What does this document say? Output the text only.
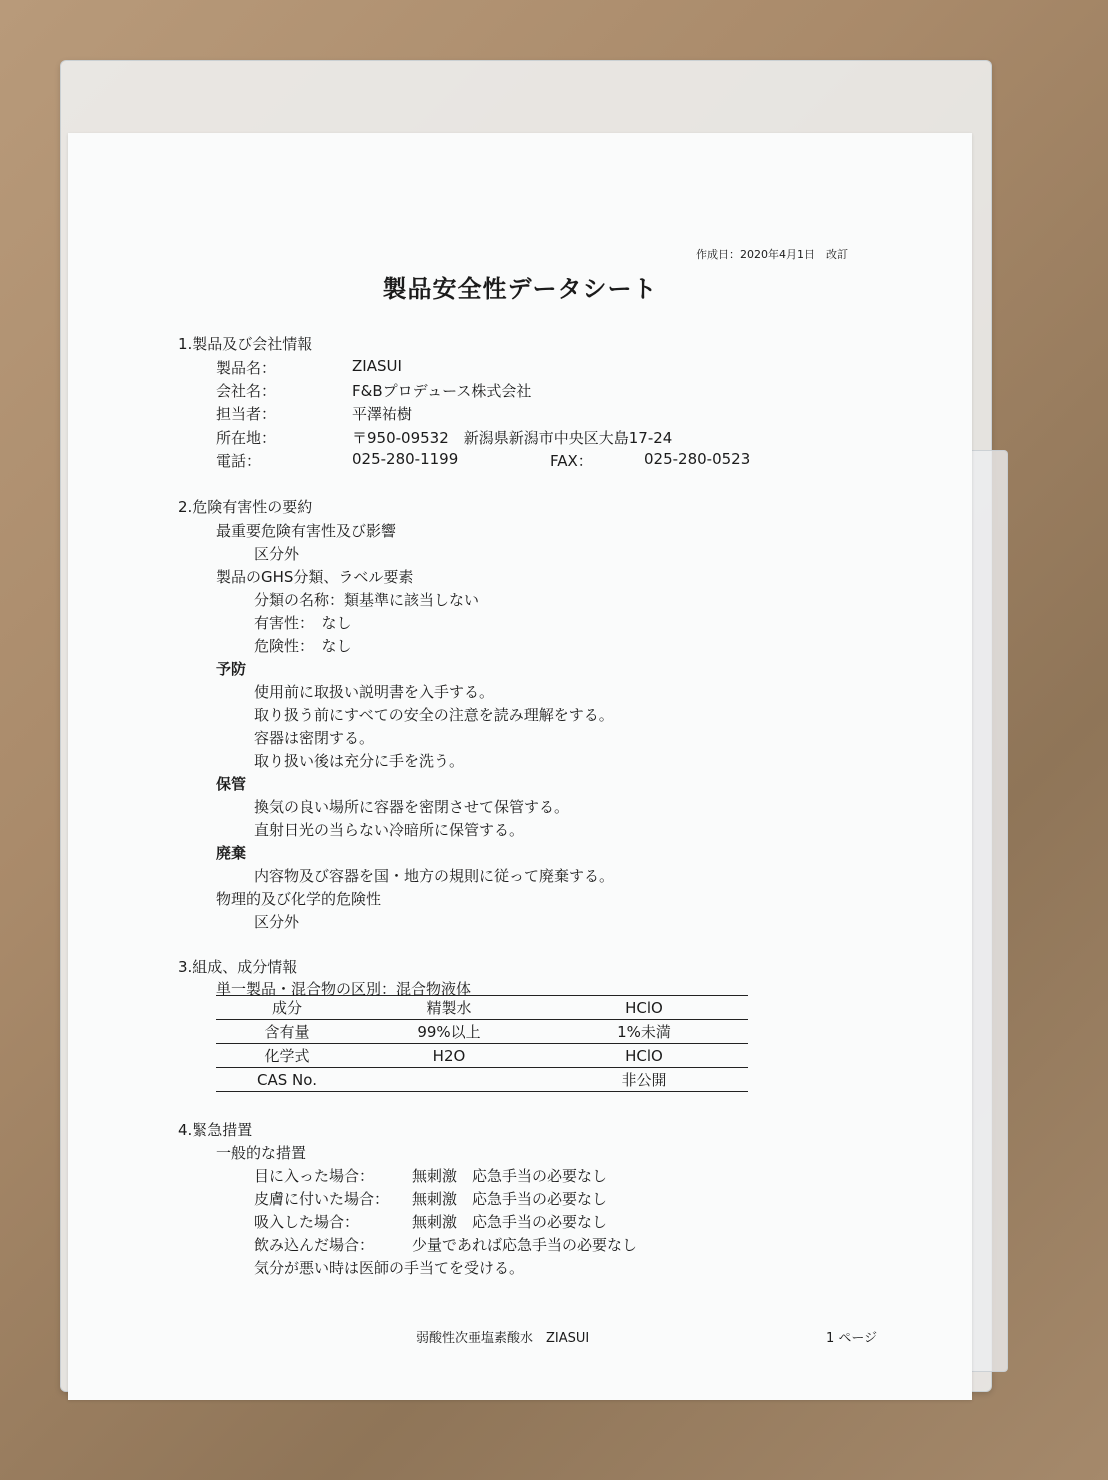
作成日：2020年4月1日　改訂
製品安全性データシート
1.製品及び会社情報
製品名：	ZIASUI
会社名：	F&Bプロデュース株式会社
担当者：	平澤祐樹
所在地：	〒950-09532　新潟県新潟市中央区大島17-24
電話：	025-280-1199	FAX：	025-280-0523
2.危険有害性の要約
最重要危険有害性及び影響
区分外
製品のGHS分類、ラベル要素
分類の名称：類基準に該当しない
有害性：　なし
危険性：　なし
予防
使用前に取扱い説明書を入手する。
取り扱う前にすべての安全の注意を読み理解をする。
容器は密閉する。
取り扱い後は充分に手を洗う。
保管
換気の良い場所に容器を密閉させて保管する。
直射日光の当らない冷暗所に保管する。
廃棄
内容物及び容器を国・地方の規則に従って廃棄する。
物理的及び化学的危険性
区分外
3.組成、成分情報
単一製品・混合物の区別：混合物液体
成分	精製水	HClO
含有量	99%以上	1%未満
化学式	H2O	HClO
CAS No.		非公開
4.緊急措置
一般的な措置
目に入った場合：	無刺激　応急手当の必要なし
皮膚に付いた場合： 無刺激　応急手当の必要なし
吸入した場合：	無刺激　応急手当の必要なし
飲み込んだ場合：	少量であれば応急手当の必要なし
気分が悪い時は医師の手当てを受ける。
弱酸性次亜塩素酸水　ZIASUI	1 ページ
